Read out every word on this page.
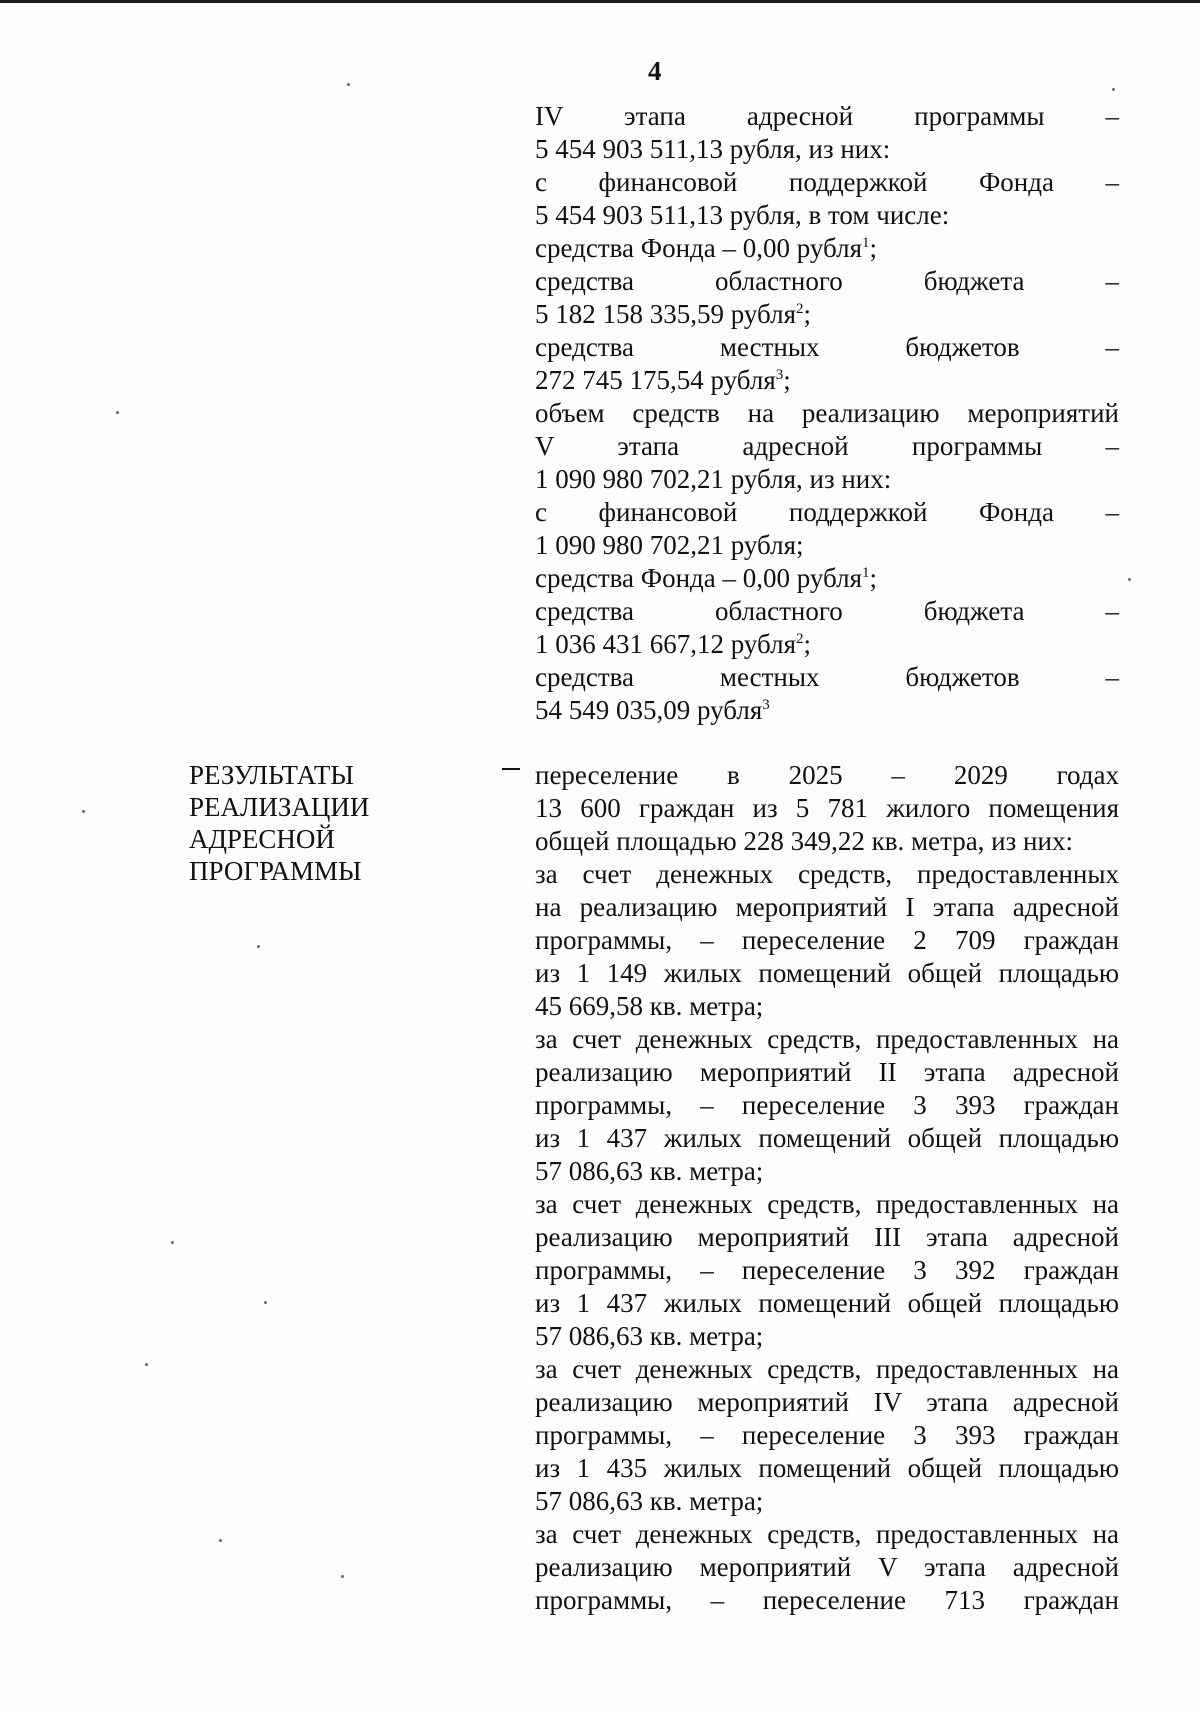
4
IV этапа адресной программы –
5 454 903 511,13 рубля, из них:
с финансовой поддержкой Фонда –
5 454 903 511,13 рубля, в том числе:
средства Фонда – 0,00 рубля$^1$;
средства областного бюджета –
5 182 158 335,59 рубля$^2$;
средства местных бюджетов –
272 745 175,54 рубля$^3$;
объем средств на реализацию мероприятий
V этапа адресной программы –
1 090 980 702,21 рубля, из них:
с финансовой поддержкой Фонда –
1 090 980 702,21 рубля;
средства Фонда – 0,00 рубля$^1$;
средства областного бюджета –
1 036 431 667,12 рубля$^2$;
средства местных бюджетов –
54 549 035,09 рубля$^3$
РЕЗУЛЬТАТЫ
РЕАЛИЗАЦИИ
АДРЕСНОЙ
ПРОГРАММЫ
переселение в 2025 – 2029 годах
13 600 граждан из 5 781 жилого помещения
общей площадью 228 349,22 кв. метра, из них:
за счет денежных средств, предоставленных
на реализацию мероприятий I этапа адресной
программы, – переселение 2 709 граждан
из 1 149 жилых помещений общей площадью
45 669,58 кв. метра;
за счет денежных средств, предоставленных на
реализацию мероприятий II этапа адресной
программы, – переселение 3 393 граждан
из 1 437 жилых помещений общей площадью
57 086,63 кв. метра;
за счет денежных средств, предоставленных на
реализацию мероприятий III этапа адресной
программы, – переселение 3 392 граждан
из 1 437 жилых помещений общей площадью
57 086,63 кв. метра;
за счет денежных средств, предоставленных на
реализацию мероприятий IV этапа адресной
программы, – переселение 3 393 граждан
из 1 435 жилых помещений общей площадью
57 086,63 кв. метра;
за счет денежных средств, предоставленных на
реализацию мероприятий V этапа адресной
программы, – переселение 713 граждан
